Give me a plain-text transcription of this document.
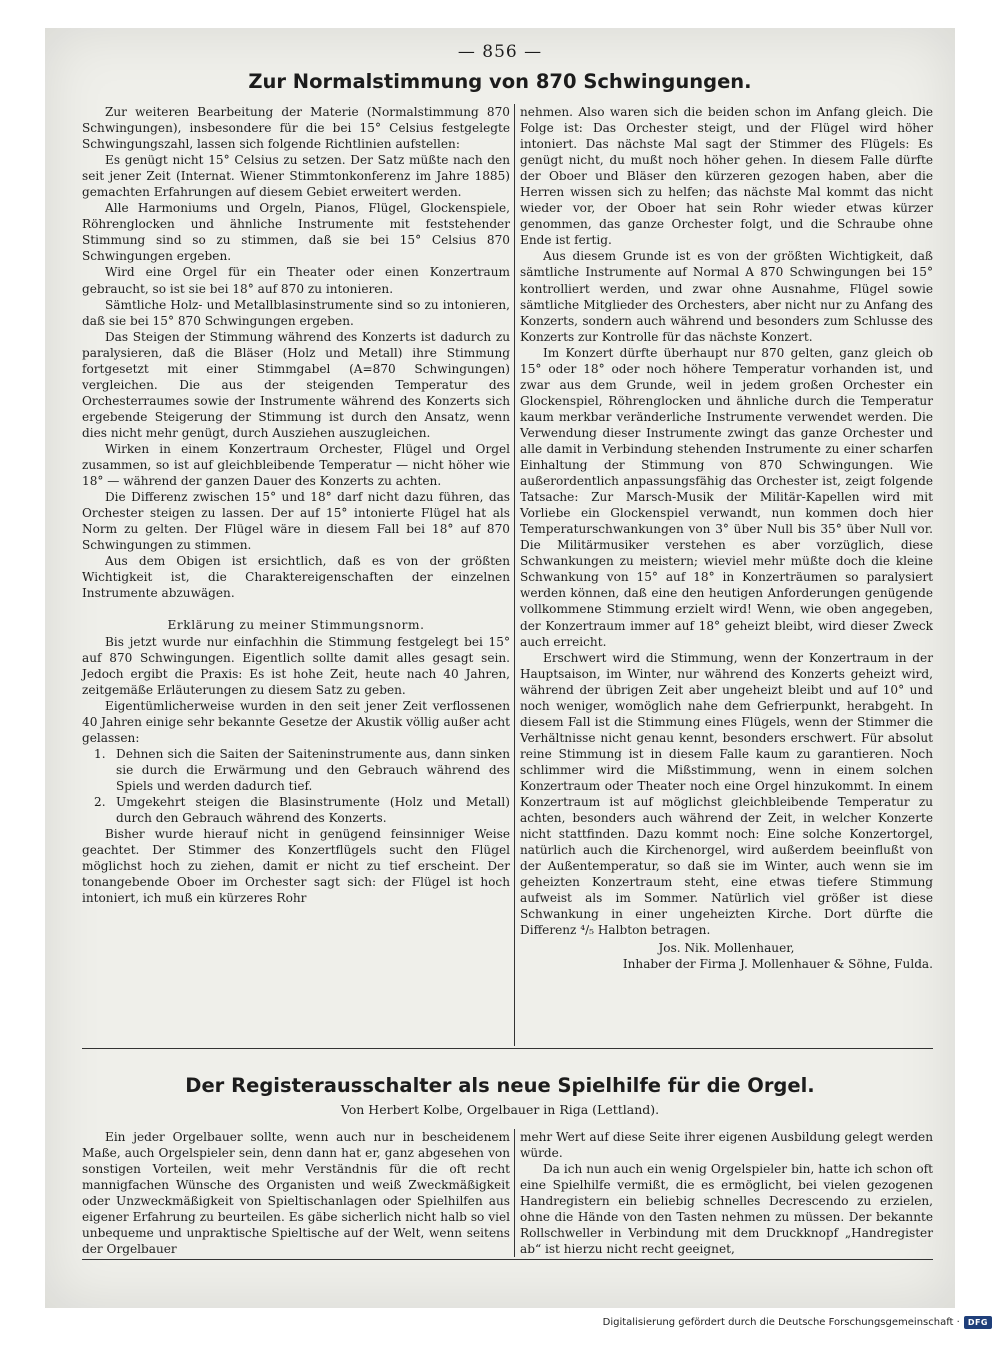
— 856 —
Zur Normalstimmung von 870 Schwingungen.

Zur weiteren Bearbeitung der Materie (Normalstimmung 870 Schwingungen), insbesondere für die bei 15° Celsius festgelegte Schwingungszahl, lassen sich folgende Richtlinien aufstellen:

Es genügt nicht 15° Celsius zu setzen. Der Satz müßte nach den seit jener Zeit (Internat. Wiener Stimmtonkonferenz im Jahre 1885) gemachten Erfahrungen auf diesem Gebiet erweitert werden.

Alle Harmoniums und Orgeln, Pianos, Flügel, Glockenspiele, Röhrenglocken und ähnliche Instrumente mit feststehender Stimmung sind so zu stimmen, daß sie bei 15° Celsius 870 Schwingungen ergeben.

Wird eine Orgel für ein Theater oder einen Konzertraum gebraucht, so ist sie bei 18° auf 870 zu intonieren.

Sämtliche Holz- und Metallblasinstrumente sind so zu intonieren, daß sie bei 15° 870 Schwingungen ergeben.

Das Steigen der Stimmung während des Konzerts ist dadurch zu paralysieren, daß die Bläser (Holz und Metall) ihre Stimmung fortgesetzt mit einer Stimmgabel (A=870 Schwingungen) vergleichen. Die aus der steigenden Temperatur des Orchesterraumes sowie der Instrumente während des Konzerts sich ergebende Steigerung der Stimmung ist durch den Ansatz, wenn dies nicht mehr genügt, durch Ausziehen auszugleichen.

Wirken in einem Konzertraum Orchester, Flügel und Orgel zusammen, so ist auf gleichbleibende Temperatur — nicht höher wie 18° — während der ganzen Dauer des Konzerts zu achten.

Die Differenz zwischen 15° und 18° darf nicht dazu führen, das Orchester steigen zu lassen. Der auf 15° intonierte Flügel hat als Norm zu gelten. Der Flügel wäre in diesem Fall bei 18° auf 870 Schwingungen zu stimmen.

Aus dem Obigen ist ersichtlich, daß es von der größten Wichtigkeit ist, die Charaktereigenschaften der einzelnen Instrumente abzuwägen.

Erklärung zu meiner Stimmungsnorm.

Bis jetzt wurde nur einfachhin die Stimmung festgelegt bei 15° auf 870 Schwingungen. Eigentlich sollte damit alles gesagt sein. Jedoch ergibt die Praxis: Es ist hohe Zeit, heute nach 40 Jahren, zeitgemäße Erläuterungen zu diesem Satz zu geben.

Eigentümlicherweise wurden in den seit jener Zeit verflossenen 40 Jahren einige sehr bekannte Gesetze der Akustik völlig außer acht gelassen:

1. Dehnen sich die Saiten der Saiteninstrumente aus, dann sinken sie durch die Erwärmung und den Gebrauch während des Spiels und werden dadurch tief.
2. Umgekehrt steigen die Blasinstrumente (Holz und Metall) durch den Gebrauch während des Konzerts.

Bisher wurde hierauf nicht in genügend feinsinniger Weise geachtet. Der Stimmer des Konzertflügels sucht den Flügel möglichst hoch zu ziehen, damit er nicht zu tief erscheint. Der tonangebende Oboer im Orchester sagt sich: der Flügel ist hoch intoniert, ich muß ein kürzeres Rohr

nehmen. Also waren sich die beiden schon im Anfang gleich. Die Folge ist: Das Orchester steigt, und der Flügel wird höher intoniert. Das nächste Mal sagt der Stimmer des Flügels: Es genügt nicht, du mußt noch höher gehen. In diesem Falle dürfte der Oboer und Bläser den kürzeren gezogen haben, aber die Herren wissen sich zu helfen; das nächste Mal kommt das nicht wieder vor, der Oboer hat sein Rohr wieder etwas kürzer genommen, das ganze Orchester folgt, und die Schraube ohne Ende ist fertig.

Aus diesem Grunde ist es von der größten Wichtigkeit, daß sämtliche Instrumente auf Normal A 870 Schwingungen bei 15° kontrolliert werden, und zwar ohne Ausnahme, Flügel sowie sämtliche Mitglieder des Orchesters, aber nicht nur zu Anfang des Konzerts, sondern auch während und besonders zum Schlusse des Konzerts zur Kontrolle für das nächste Konzert.

Im Konzert dürfte überhaupt nur 870 gelten, ganz gleich ob 15° oder 18° oder noch höhere Temperatur vorhanden ist, und zwar aus dem Grunde, weil in jedem großen Orchester ein Glockenspiel, Röhrenglocken und ähnliche durch die Temperatur kaum merkbar veränderliche Instrumente verwendet werden. Die Verwendung dieser Instrumente zwingt das ganze Orchester und alle damit in Verbindung stehenden Instrumente zu einer scharfen Einhaltung der Stimmung von 870 Schwingungen. Wie außerordentlich anpassungsfähig das Orchester ist, zeigt folgende Tatsache: Zur Marsch-Musik der Militär-Kapellen wird mit Vorliebe ein Glockenspiel verwandt, nun kommen doch hier Temperaturschwankungen von 3° über Null bis 35° über Null vor. Die Militärmusiker verstehen es aber vorzüglich, diese Schwankungen zu meistern; wieviel mehr müßte doch die kleine Schwankung von 15° auf 18° in Konzerträumen so paralysiert werden können, daß eine den heutigen Anforderungen genügende vollkommene Stimmung erzielt wird! Wenn, wie oben angegeben, der Konzertraum immer auf 18° geheizt bleibt, wird dieser Zweck auch erreicht.

Erschwert wird die Stimmung, wenn der Konzertraum in der Hauptsaison, im Winter, nur während des Konzerts geheizt wird, während der übrigen Zeit aber ungeheizt bleibt und auf 10° und noch weniger, womöglich nahe dem Gefrierpunkt, herabgeht. In diesem Fall ist die Stimmung eines Flügels, wenn der Stimmer die Verhältnisse nicht genau kennt, besonders erschwert. Für absolut reine Stimmung ist in diesem Falle kaum zu garantieren. Noch schlimmer wird die Mißstimmung, wenn in einem solchen Konzertraum oder Theater noch eine Orgel hinzukommt. In einem Konzertraum ist auf möglichst gleichbleibende Temperatur zu achten, besonders auch während der Zeit, in welcher Konzerte nicht stattfinden. Dazu kommt noch: Eine solche Konzertorgel, natürlich auch die Kirchenorgel, wird außerdem beeinflußt von der Außentemperatur, so daß sie im Winter, auch wenn sie im geheizten Konzertraum steht, eine etwas tiefere Stimmung aufweist als im Sommer. Natürlich viel größer ist diese Schwankung in einer ungeheizten Kirche. Dort dürfte die Differenz ⁴/₅ Halbton betragen.

Jos. Nik. Mollenhauer,

Inhaber der Firma J. Mollenhauer & Söhne, Fulda.

Der Registerausschalter als neue Spielhilfe für die Orgel.
Von Herbert Kolbe, Orgelbauer in Riga (Lettland).

Ein jeder Orgelbauer sollte, wenn auch nur in bescheidenem Maße, auch Orgelspieler sein, denn dann hat er, ganz abgesehen von sonstigen Vorteilen, weit mehr Verständnis für die oft recht mannigfachen Wünsche des Organisten und weiß Zweckmäßigkeit oder Unzweckmäßigkeit von Spieltischanlagen oder Spielhilfen aus eigener Erfahrung zu beurteilen. Es gäbe sicherlich nicht halb so viel unbequeme und unpraktische Spieltische auf der Welt, wenn seitens der Orgelbauer

mehr Wert auf diese Seite ihrer eigenen Ausbildung gelegt werden würde.

Da ich nun auch ein wenig Orgelspieler bin, hatte ich schon oft eine Spielhilfe vermißt, die es ermöglicht, bei vielen gezogenen Handregistern ein beliebig schnelles Decrescendo zu erzielen, ohne die Hände von den Tasten nehmen zu müssen. Der bekannte Rollschweller in Verbindung mit dem Druckknopf „Handregister ab“ ist hierzu nicht recht geeignet,

Digitalisierung gefördert durch die Deutsche Forschungsgemeinschaft ·	DFG
